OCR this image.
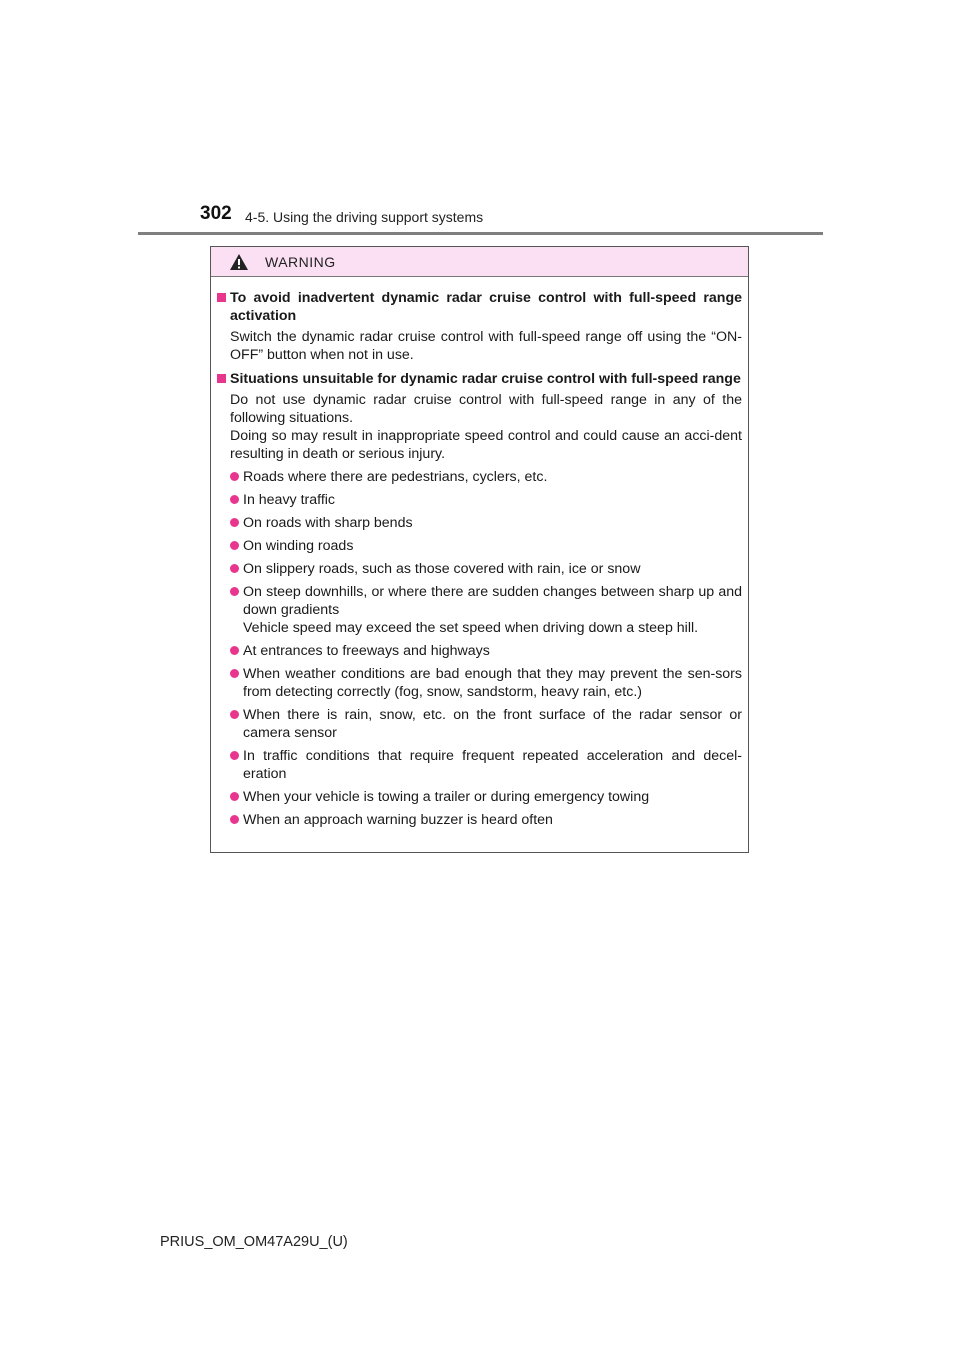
302 4-5. Using the driving support systems
WARNING
To avoid inadvertent dynamic radar cruise control with full-speed range activation
Switch the dynamic radar cruise control with full-speed range off using the “ON-OFF” button when not in use.
Situations unsuitable for dynamic radar cruise control with full-speed range
Do not use dynamic radar cruise control with full-speed range in any of the following situations.
Doing so may result in inappropriate speed control and could cause an acci-dent resulting in death or serious injury.
Roads where there are pedestrians, cyclers, etc.
In heavy traffic
On roads with sharp bends
On winding roads
On slippery roads, such as those covered with rain, ice or snow
On steep downhills, or where there are sudden changes between sharp up and down gradients
Vehicle speed may exceed the set speed when driving down a steep hill.
At entrances to freeways and highways
When weather conditions are bad enough that they may prevent the sen-sors from detecting correctly (fog, snow, sandstorm, heavy rain, etc.)
When there is rain, snow, etc. on the front surface of the radar sensor or camera sensor
In traffic conditions that require frequent repeated acceleration and decel-eration
When your vehicle is towing a trailer or during emergency towing
When an approach warning buzzer is heard often
PRIUS_OM_OM47A29U_(U)
